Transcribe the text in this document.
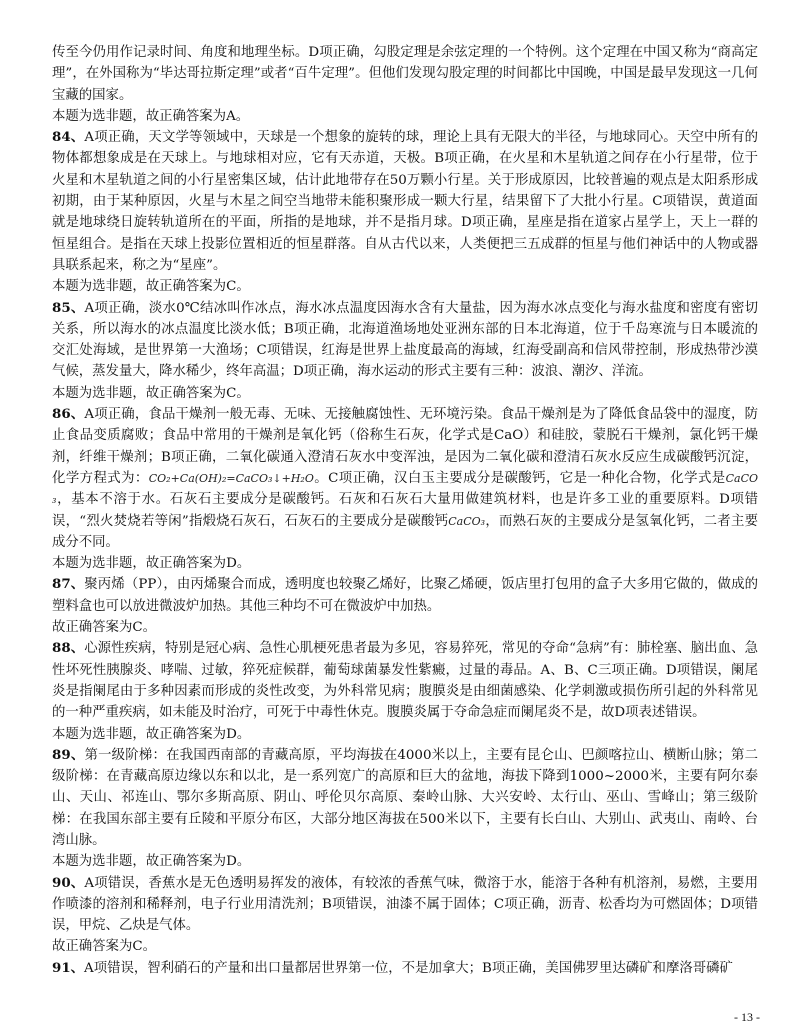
传至今仍用作记录时间、角度和地理坐标。D项正确，勾股定理是余弦定理的一个特例。这个定理在中国又称为“商高定理”，在外国称为“毕达哥拉斯定理”或者“百牛定理”。但他们发现勾股定理的时间都比中国晚，中国是最早发现这一几何宝藏的国家。

本题为选非题，故正确答案为A。

84、A项正确，天文学等领域中，天球是一个想象的旋转的球，理论上具有无限大的半径，与地球同心。天空中所有的物体都想象成是在天球上。与地球相对应，它有天赤道，天极。B项正确，在火星和木星轨道之间存在小行星带，位于火星和木星轨道之间的小行星密集区域，估计此地带存在50万颗小行星。关于形成原因，比较普遍的观点是太阳系形成初期，由于某种原因，火星与木星之间空当地带未能积聚形成一颗大行星，结果留下了大批小行星。C项错误，黄道面就是地球绕日旋转轨道所在的平面，所指的是地球，并不是指月球。D项正确，星座是指在道家占星学上，天上一群的恒星组合。是指在天球上投影位置相近的恒星群落。自从古代以来，人类便把三五成群的恒星与他们神话中的人物或器具联系起来，称之为“星座”。

本题为选非题，故正确答案为C。

85、A项正确，淡水0℃结冰叫作冰点，海水冰点温度因海水含有大量盐，因为海水冰点变化与海水盐度和密度有密切关系，所以海水的冰点温度比淡水低；B项正确，北海道渔场地处亚洲东部的日本北海道，位于千岛寒流与日本暖流的交汇处海域，是世界第一大渔场；C项错误，红海是世界上盐度最高的海域，红海受副高和信风带控制，形成热带沙漠气候，蒸发量大，降水稀少，终年高温；D项正确，海水运动的形式主要有三种：波浪、潮汐、洋流。

本题为选非题，故正确答案为C。

86、A项正确，食品干燥剂一般无毒、无味、无接触腐蚀性、无环境污染。食品干燥剂是为了降低食品袋中的湿度，防止食品变质腐败；食品中常用的干燥剂是氧化钙（俗称生石灰，化学式是CaO）和硅胶，蒙脱石干燥剂，氯化钙干燥剂，纤维干燥剂；B项正确，二氧化碳通入澄清石灰水中变浑浊，是因为二氧化碳和澄清石灰水反应生成碳酸钙沉淀，化学方程式为：CO₂+Ca(OH)₂=CaCO₃↓+H₂O。C项正确，汉白玉主要成分是碳酸钙，它是一种化合物，化学式是CaCO₃，基本不溶于水。石灰石主要成分是碳酸钙。石灰和石灰石大量用做建筑材料，也是许多工业的重要原料。D项错误，“烈火焚烧若等闲”指煅烧石灰石，石灰石的主要成分是碳酸钙CaCO₃，而熟石灰的主要成分是氢氧化钙，二者主要成分不同。

本题为选非题，故正确答案为D。

87、聚丙烯（PP），由丙烯聚合而成，透明度也较聚乙烯好，比聚乙烯硬，饭店里打包用的盒子大多用它做的，做成的塑料盒也可以放进微波炉加热。其他三种均不可在微波炉中加热。

故正确答案为C。

88、心源性疾病，特别是冠心病、急性心肌梗死患者最为多见，容易猝死，常见的夺命“急病”有：肺栓塞、脑出血、急性坏死性胰腺炎、哮喘、过敏，猝死症候群，葡萄球菌暴发性紫癜，过量的毒品。A、B、C三项正确。D项错误，阑尾炎是指阑尾由于多种因素而形成的炎性改变，为外科常见病；腹膜炎是由细菌感染、化学刺激或损伤所引起的外科常见的一种严重疾病，如未能及时治疗，可死于中毒性休克。腹膜炎属于夺命急症而阑尾炎不是，故D项表述错误。

本题为选非题，故正确答案为D。

89、第一级阶梯：在我国西南部的青藏高原，平均海拔在4000米以上，主要有昆仑山、巴颜喀拉山、横断山脉；第二级阶梯：在青藏高原边缘以东和以北，是一系列宽广的高原和巨大的盆地，海拔下降到1000~2000米，主要有阿尔泰山、天山、祁连山、鄂尔多斯高原、阴山、呼伦贝尔高原、秦岭山脉、大兴安岭、太行山、巫山、雪峰山；第三级阶梯：在我国东部主要有丘陵和平原分布区，大部分地区海拔在500米以下，主要有长白山、大别山、武夷山、南岭、台湾山脉。

本题为选非题，故正确答案为D。

90、A项错误，香蕉水是无色透明易挥发的液体，有较浓的香蕉气味，微溶于水，能溶于各种有机溶剂，易燃，主要用作喷漆的溶剂和稀释剂，电子行业用清洗剂；B项错误，油漆不属于固体；C项正确，沥青、松香均为可燃固体；D项错误，甲烷、乙炔是气体。

故正确答案为C。

91、A项错误，智利硝石的产量和出口量都居世界第一位，不是加拿大；B项正确，美国佛罗里达磷矿和摩洛哥磷矿

- 13 -
